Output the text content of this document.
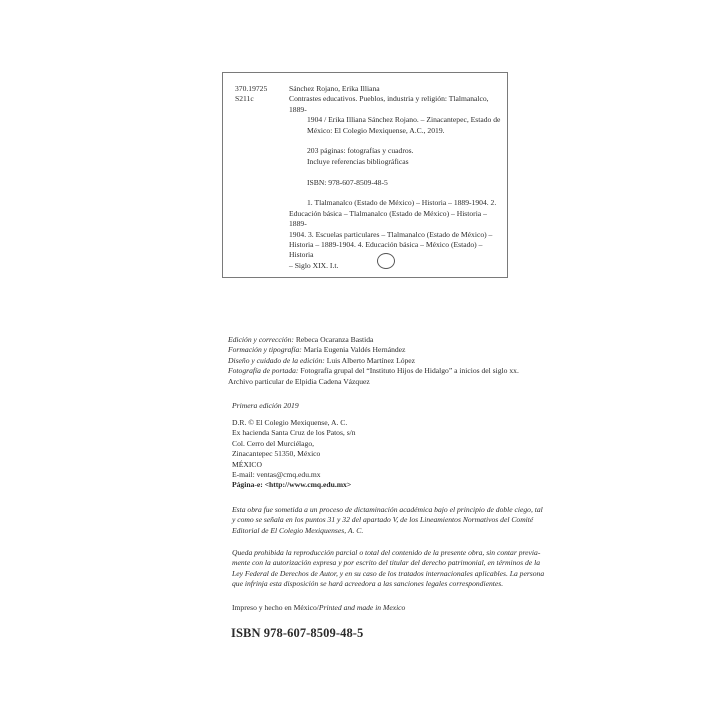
370.19725
S211c
Sánchez Rojano, Erika Illiana
Contrastes educativos. Pueblos, industria y religión: Tlalmanalco, 1889-
1904 / Erika Illiana Sánchez Rojano. – Zinacantepec, Estado de
México: El Colegio Mexiquense, A.C., 2019.
203 páginas: fotografías y cuadros.
Incluye referencias bibliográficas
ISBN: 978-607-8509-48-5
1. Tlalmanalco (Estado de México) – Historia – 1889-1904. 2.
Educación básica – Tlalmanalco (Estado de México) – Historia – 1889-
1904. 3. Escuelas particulares – Tlalmanalco (Estado de México) –
Historia – 1889-1904. 4. Educación básica – México (Estado) – Historia
– Siglo XIX. I.t.
Edición y corrección: Rebeca Ocaranza Bastida
Formación y tipografía: María Eugenia Valdés Hernández
Diseño y cuidado de la edición: Luis Alberto Martínez López
Fotografía de portada: Fotografía grupal del “Instituto Hijos de Hidalgo” a inicios del siglo xx.
Archivo particular de Elpidia Cadena Vázquez
Primera edición 2019
D.R. © El Colegio Mexiquense, A. C.
Ex hacienda Santa Cruz de los Patos, s/n
Col. Cerro del Murciélago,
Zinacantepec 51350, México
MÉXICO
E-mail: ventas@cmq.edu.mx
Página-e: <http://www.cmq.edu.mx>
Esta obra fue sometida a un proceso de dictaminación académica bajo el principio de doble ciego, tal
y como se señala en los puntos 31 y 32 del apartado V, de los Lineamientos Normativos del Comité
Editorial de El Colegio Mexiquenses, A. C.
Queda prohibida la reproducción parcial o total del contenido de la presente obra, sin contar previa-
mente con la autorización expresa y por escrito del titular del derecho patrimonial, en términos de la
Ley Federal de Derechos de Autor, y en su caso de los tratados internacionales aplicables. La persona
que infrinja esta disposición se hará acreedora a las sanciones legales correspondientes.
Impreso y hecho en México/Printed and made in Mexico
ISBN 978-607-8509-48-5
